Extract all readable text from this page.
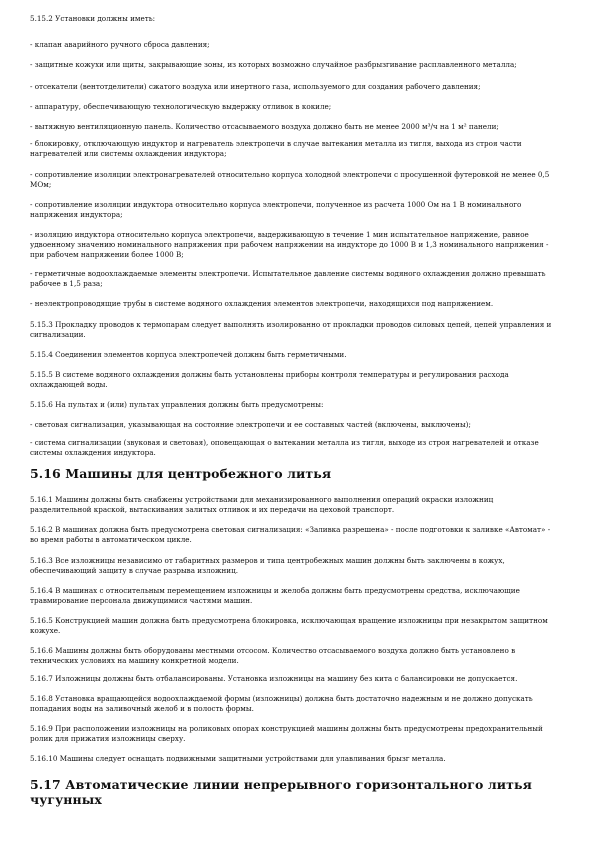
5.15.2 Установки должны иметь:

- клапан аварийного ручного сброса давления;

- защитные кожухи или щиты, закрывающие зоны, из которых возможно случайное разбрызгивание расплавленного металла;

- отсекатели (вентотделители) сжатого воздуха или инертного газа, используемого для создания рабочего давления;

- аппаратуру, обеспечивающую технологическую выдержку отливок в кокиле;

- вытяжную вентиляционную панель. Количество отсасываемого воздуха должно быть не менее 2000 м³/ч на 1 м² панели;

- блокировку, отключающую индуктор и нагреватель электропечи в случае вытекания металла из тигля, выхода из строя части нагревателей или системы охлаждения индуктора;

- сопротивление изоляции электронагревателей относительно корпуса холодной электропечи с просушенной футеровкой не менее 0,5 МОм;

- сопротивление изоляции индуктора относительно корпуса электропечи, полученное из расчета 1000 Ом на 1 В номинального напряжения индуктора;

- изоляцию индуктора относительно корпуса электропечи, выдерживающую в течение 1 мин испытательное напряжение, равное удвоенному значению номинального напряжения при рабочем напряжении на индукторе до 1000 В и 1,3 номинального напряжения - при рабочем напряжении более 1000 В;

- герметичные водоохлаждаемые элементы электропечи. Испытательное давление системы водяного охлаждения должно превышать рабочее в 1,5 раза;

- неэлектропроводящие трубы в системе водяного охлаждения элементов электропечи, находящихся под напряжением.

5.15.3 Прокладку проводов к термопарам следует выполнять изолированно от прокладки проводов силовых цепей, цепей управления и сигнализации.

5.15.4 Соединения элементов корпуса электропечей должны быть герметичными.

5.15.5 В системе водяного охлаждения должны быть установлены приборы контроля температуры и регулирования расхода охлаждающей воды.

5.15.6 На пультах и (или) пультах управления должны быть предусмотрены:

- световая сигнализация, указывающая на состояние электропечи и ее составных частей (включены, выключены);

- система сигнализации (звуковая и световая), оповещающая о вытекании металла из тигля, выходе из строя нагревателей и отказе системы охлаждения индуктора.

5.16 Машины для центробежного литья

5.16.1 Машины должны быть снабжены устройствами для механизированного выполнения операций окраски изложниц разделительной краской, вытаскивания залитых отливок и их передачи на цеховой транспорт.

5.16.2 В машинах должна быть предусмотрена световая сигнализация: «Заливка разрешена» - после подготовки к заливке «Автомат» - во время работы в автоматическом цикле.

5.16.3 Все изложницы независимо от габаритных размеров и типа центробежных машин должны быть заключены в кожух, обеспечивающий защиту в случае разрыва изложниц.

5.16.4 В машинах с относительным перемещением изложницы и желоба должны быть предусмотрены средства, исключающие травмирование персонала движущимися частями машин.

5.16.5 Конструкцией машин должна быть предусмотрена блокировка, исключающая вращение изложницы при незакрытом защитном кожухе.

5.16.6 Машины должны быть оборудованы местными отсосом. Количество отсасываемого воздуха должно быть установлено в технических условиях на машину конкретной модели.

5.16.7 Изложницы должны быть отбалансированы. Установка изложницы на машину без кита с балансировки не допускается.

5.16.8 Установка вращающейся водоохлаждаемой формы (изложницы) должна быть достаточно надежным и не должно допускать попадания воды на заливочный желоб и в полость формы.

5.16.9 При расположении изложницы на роликовых опорах конструкцией машины должны быть предусмотрены предохранительный ролик для прижатия изложницы сверху.

5.16.10 Машины следует оснащать подвижными защитными устройствами для улавливания брызг металла.

5.17 Автоматические линии непрерывного горизонтального литья чугунных
